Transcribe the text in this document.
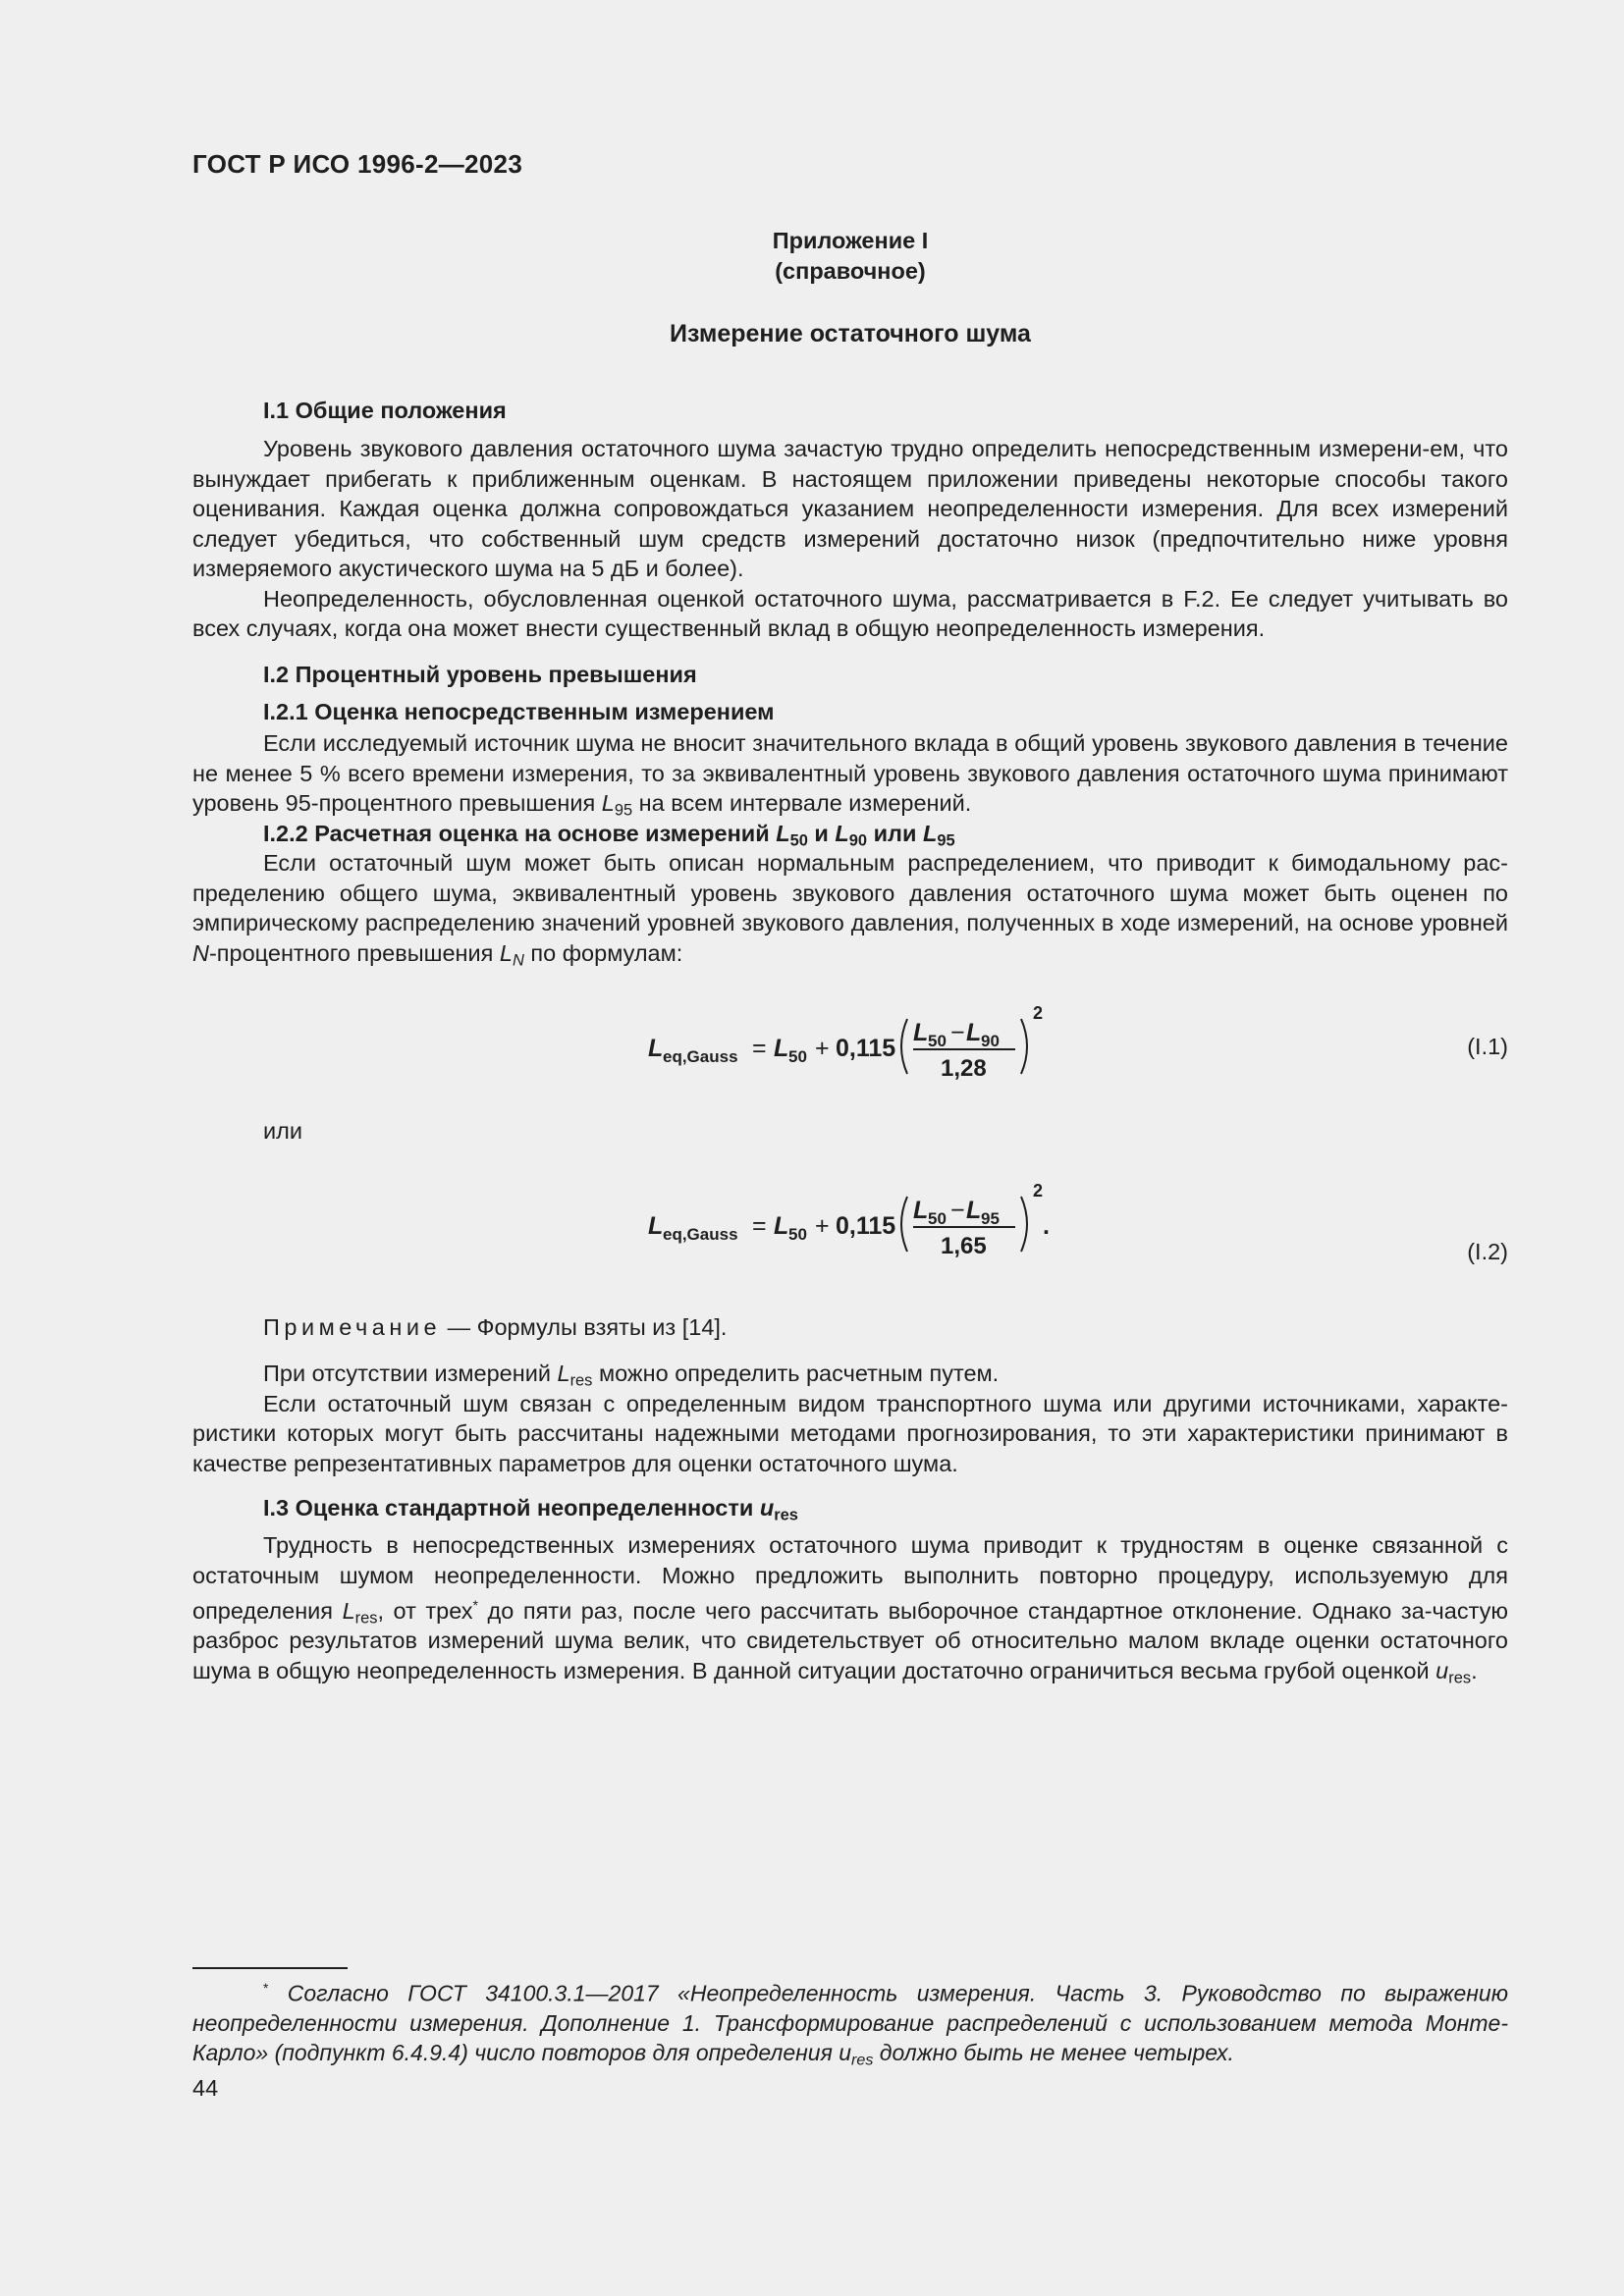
ГОСТ Р ИСО 1996-2—2023
Приложение I
(справочное)
Измерение остаточного шума
I.1 Общие положения

Уровень звукового давления остаточного шума зачастую трудно определить непосредственным измерени-ем, что вынуждает прибегать к приближенным оценкам. В настоящем приложении приведены некоторые способы такого оценивания. Каждая оценка должна сопровождаться указанием неопределенности измерения. Для всех измерений следует убедиться, что собственный шум средств измерений достаточно низок (предпочтительно ниже уровня измеряемого акустического шума на 5 дБ и более).

Неопределенность, обусловленная оценкой остаточного шума, рассматривается в F.2. Ее следует учитывать во всех случаях, когда она может внести существенный вклад в общую неопределенность измерения.

I.2 Процентный уровень превышения
I.2.1 Оценка непосредственным измерением

Если исследуемый источник шума не вносит значительного вклада в общий уровень звукового давления в течение не менее 5 % всего времени измерения, то за эквивалентный уровень звукового давления остаточного шума принимают уровень 95-процентного превышения $L_{95}$ на всем интервале измерений.

I.2.2 Расчетная оценка на основе измерений $L_{50}$ и $L_{90}$ или $L_{95}$

Если остаточный шум может быть описан нормальным распределением, что приводит к бимодальному рас-пределению общего шума, эквивалентный уровень звукового давления остаточного шума может быть оценен по эмпирическому распределению значений уровней звукового давления, полученных в ходе измерений, на основе уровней N-процентного превышения $L_N$ по формулам:

L eq,Gauss = L 50 + 0,115
L 50 − L 90
1,28
2
(I.1)
или
L eq,Gauss = L 50 + 0,115
L 50 − L 95
1,65
2
.
(I.2)
Примечание — Формулы взяты из [14].

При отсутствии измерений $L_{res}$ можно определить расчетным путем.

Если остаточный шум связан с определенным видом транспортного шума или другими источниками, характе-ристики которых могут быть рассчитаны надежными методами прогнозирования, то эти характеристики принимают в качестве репрезентативных параметров для оценки остаточного шума.

I.3 Оценка стандартной неопределенности $u_{res}$

Трудность в непосредственных измерениях остаточного шума приводит к трудностям в оценке связанной с остаточным шумом неопределенности. Можно предложить выполнить повторно процедуру, используемую для определения $L_{res}$, от трех* до пяти раз, после чего рассчитать выборочное стандартное отклонение. Однако за-частую разброс результатов измерений шума велик, что свидетельствует об относительно малом вкладе оценки остаточного шума в общую неопределенность измерения. В данной ситуации достаточно ограничиться весьма грубой оценкой $u_{res}$.

* Согласно ГОСТ 34100.3.1—2017 «Неопределенность измерения. Часть 3. Руководство по выражению неопределенности измерения. Дополнение 1. Трансформирование распределений с использованием метода Монте-Карло» (подпункт 6.4.9.4) число повторов для определения $u_{res}$ должно быть не менее четырех.

44
